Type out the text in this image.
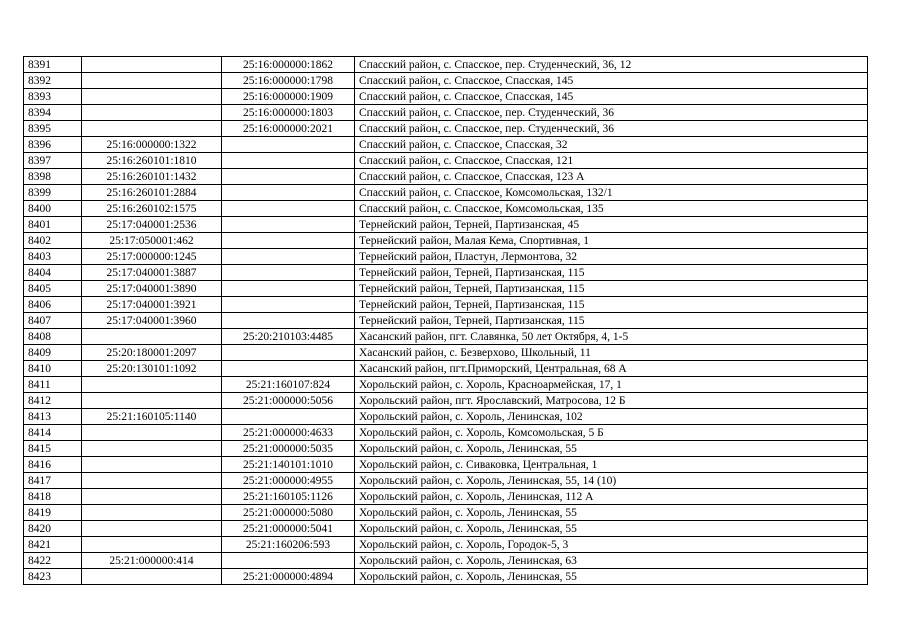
8391		25:16:000000:1862	Спасский район, с. Спасское, пер. Студенческий, 36, 12
8392		25:16:000000:1798	Спасский район, с. Спасское, Спасская, 145
8393		25:16:000000:1909	Спасский район, с. Спасское, Спасская, 145
8394		25:16:000000:1803	Спасский район, с. Спасское, пер. Студенческий, 36
8395		25:16:000000:2021	Спасский район, с. Спасское, пер. Студенческий, 36
8396	25:16:000000:1322		Спасский район, с. Спасское, Спасская, 32
8397	25:16:260101:1810		Спасский район, с. Спасское, Спасская, 121
8398	25:16:260101:1432		Спасский район, с. Спасское, Спасская, 123 А
8399	25:16:260101:2884		Спасский район, с. Спасское, Комсомольская, 132/1
8400	25:16:260102:1575		Спасский район, с. Спасское, Комсомольская, 135
8401	25:17:040001:2536		Тернейский район, Терней, Партизанская, 45
8402	25:17:050001:462		Тернейский район, Малая Кема, Спортивная, 1
8403	25:17:000000:1245		Тернейский район, Пластун, Лермонтова, 32
8404	25:17:040001:3887		Тернейский район, Терней, Партизанская, 115
8405	25:17:040001:3890		Тернейский район, Терней, Партизанская, 115
8406	25:17:040001:3921		Тернейский район, Терней, Партизанская, 115
8407	25:17:040001:3960		Тернейский район, Терней, Партизанская, 115
8408		25:20:210103:4485	Хасанский район, пгт. Славянка, 50 лет Октября, 4, 1-5
8409	25:20:180001:2097		Хасанский район, с. Безверхово, Школьный, 11
8410	25:20:130101:1092		Хасанский район, пгт.Приморский, Центральная, 68 А
8411		25:21:160107:824	Хорольский район, с. Хороль, Красноармейская, 17, 1
8412		25:21:000000:5056	Хорольский район, пгт. Ярославский, Матросова, 12 Б
8413	25:21:160105:1140		Хорольский район, с. Хороль, Ленинская, 102
8414		25:21:000000:4633	Хорольский район, с. Хороль, Комсомольская, 5 Б
8415		25:21:000000:5035	Хорольский район, с. Хороль, Ленинская, 55
8416		25:21:140101:1010	Хорольский район, с. Сиваковка, Центральная, 1
8417		25:21:000000:4955	Хорольский район, с. Хороль, Ленинская, 55, 14 (10)
8418		25:21:160105:1126	Хорольский район, с. Хороль, Ленинская, 112 А
8419		25:21:000000:5080	Хорольский район, с. Хороль, Ленинская, 55
8420		25:21:000000:5041	Хорольский район, с. Хороль, Ленинская, 55
8421		25:21:160206:593	Хорольский район, с. Хороль, Городок-5, 3
8422	25:21:000000:414		Хорольский район, с. Хороль, Ленинская, 63
8423		25:21:000000:4894	Хорольский район, с. Хороль, Ленинская, 55
